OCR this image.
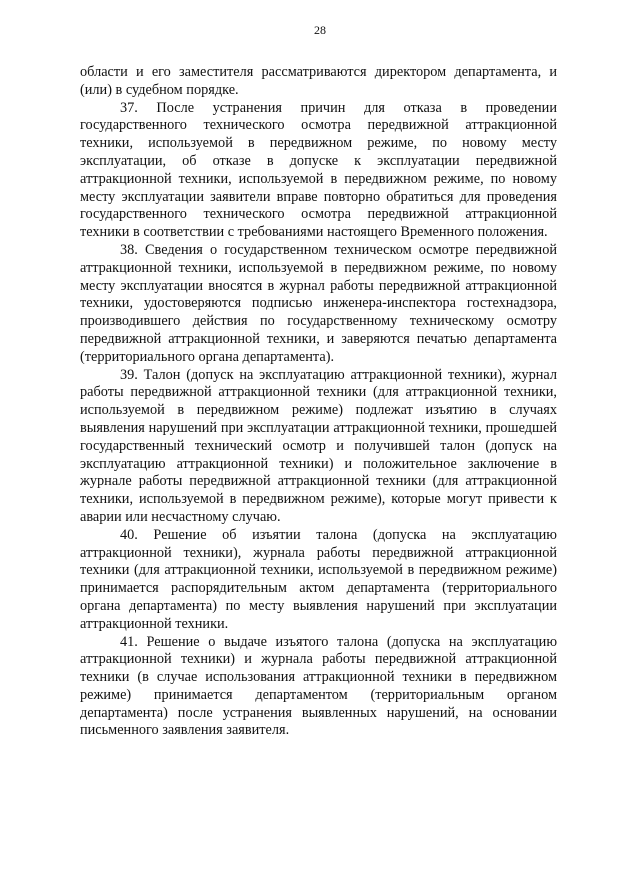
28

области и его заместителя рассматриваются директором департамента, и (или) в судебном порядке.

37. После устранения причин для отказа в проведении государственного технического осмотра передвижной аттракционной техники, используемой в передвижном режиме, по новому месту эксплуатации, об отказе в допуске к эксплуатации передвижной аттракционной техники, используемой в передвижном режиме, по новому месту эксплуатации заявители вправе повторно обратиться для проведения государственного технического осмотра передвижной аттракционной техники в соответствии с требованиями настоящего Временного положения.

38. Сведения о государственном техническом осмотре передвижной аттракционной техники, используемой в передвижном режиме, по новому месту эксплуатации вносятся в журнал работы передвижной аттракционной техники, удостоверяются подписью инженера-инспектора гостехнадзора, производившего действия по государственному техническому осмотру передвижной аттракционной техники, и заверяются печатью департамента (территориального органа департамента).

39. Талон (допуск на эксплуатацию аттракционной техники), журнал работы передвижной аттракционной техники (для аттракционной техники, используемой в передвижном режиме) подлежат изъятию в случаях выявления нарушений при эксплуатации аттракционной техники, прошедшей государственный технический осмотр и получившей талон (допуск на эксплуатацию аттракционной техники) и положительное заключение в журнале работы передвижной аттракционной техники (для аттракционной техники, используемой в передвижном режиме), которые могут привести к аварии или несчастному случаю.

40. Решение об изъятии талона (допуска на эксплуатацию аттракционной техники), журнала работы передвижной аттракционной техники (для аттракционной техники, используемой в передвижном режиме) принимается распорядительным актом департамента (территориального органа департамента) по месту выявления нарушений при эксплуатации аттракционной техники.

41. Решение о выдаче изъятого талона (допуска на эксплуатацию аттракционной техники) и журнала работы передвижной аттракционной техники (в случае использования аттракционной техники в передвижном режиме) принимается департаментом (территориальным органом департамента) после устранения выявленных нарушений, на основании письменного заявления заявителя.
